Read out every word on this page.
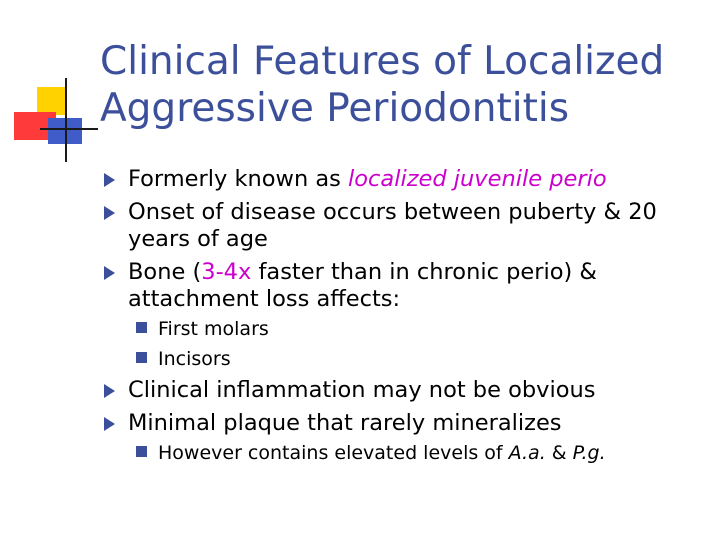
Clinical Features of Localized
Aggressive Periodontitis
Formerly known as localized juvenile perio
Onset of disease occurs between puberty & 20 years of age
Bone (3-4x faster than in chronic perio) & attachment loss affects:
First molars
Incisors
Clinical inflammation may not be obvious
Minimal plaque that rarely mineralizes
However contains elevated levels of A.a. & P.g.
